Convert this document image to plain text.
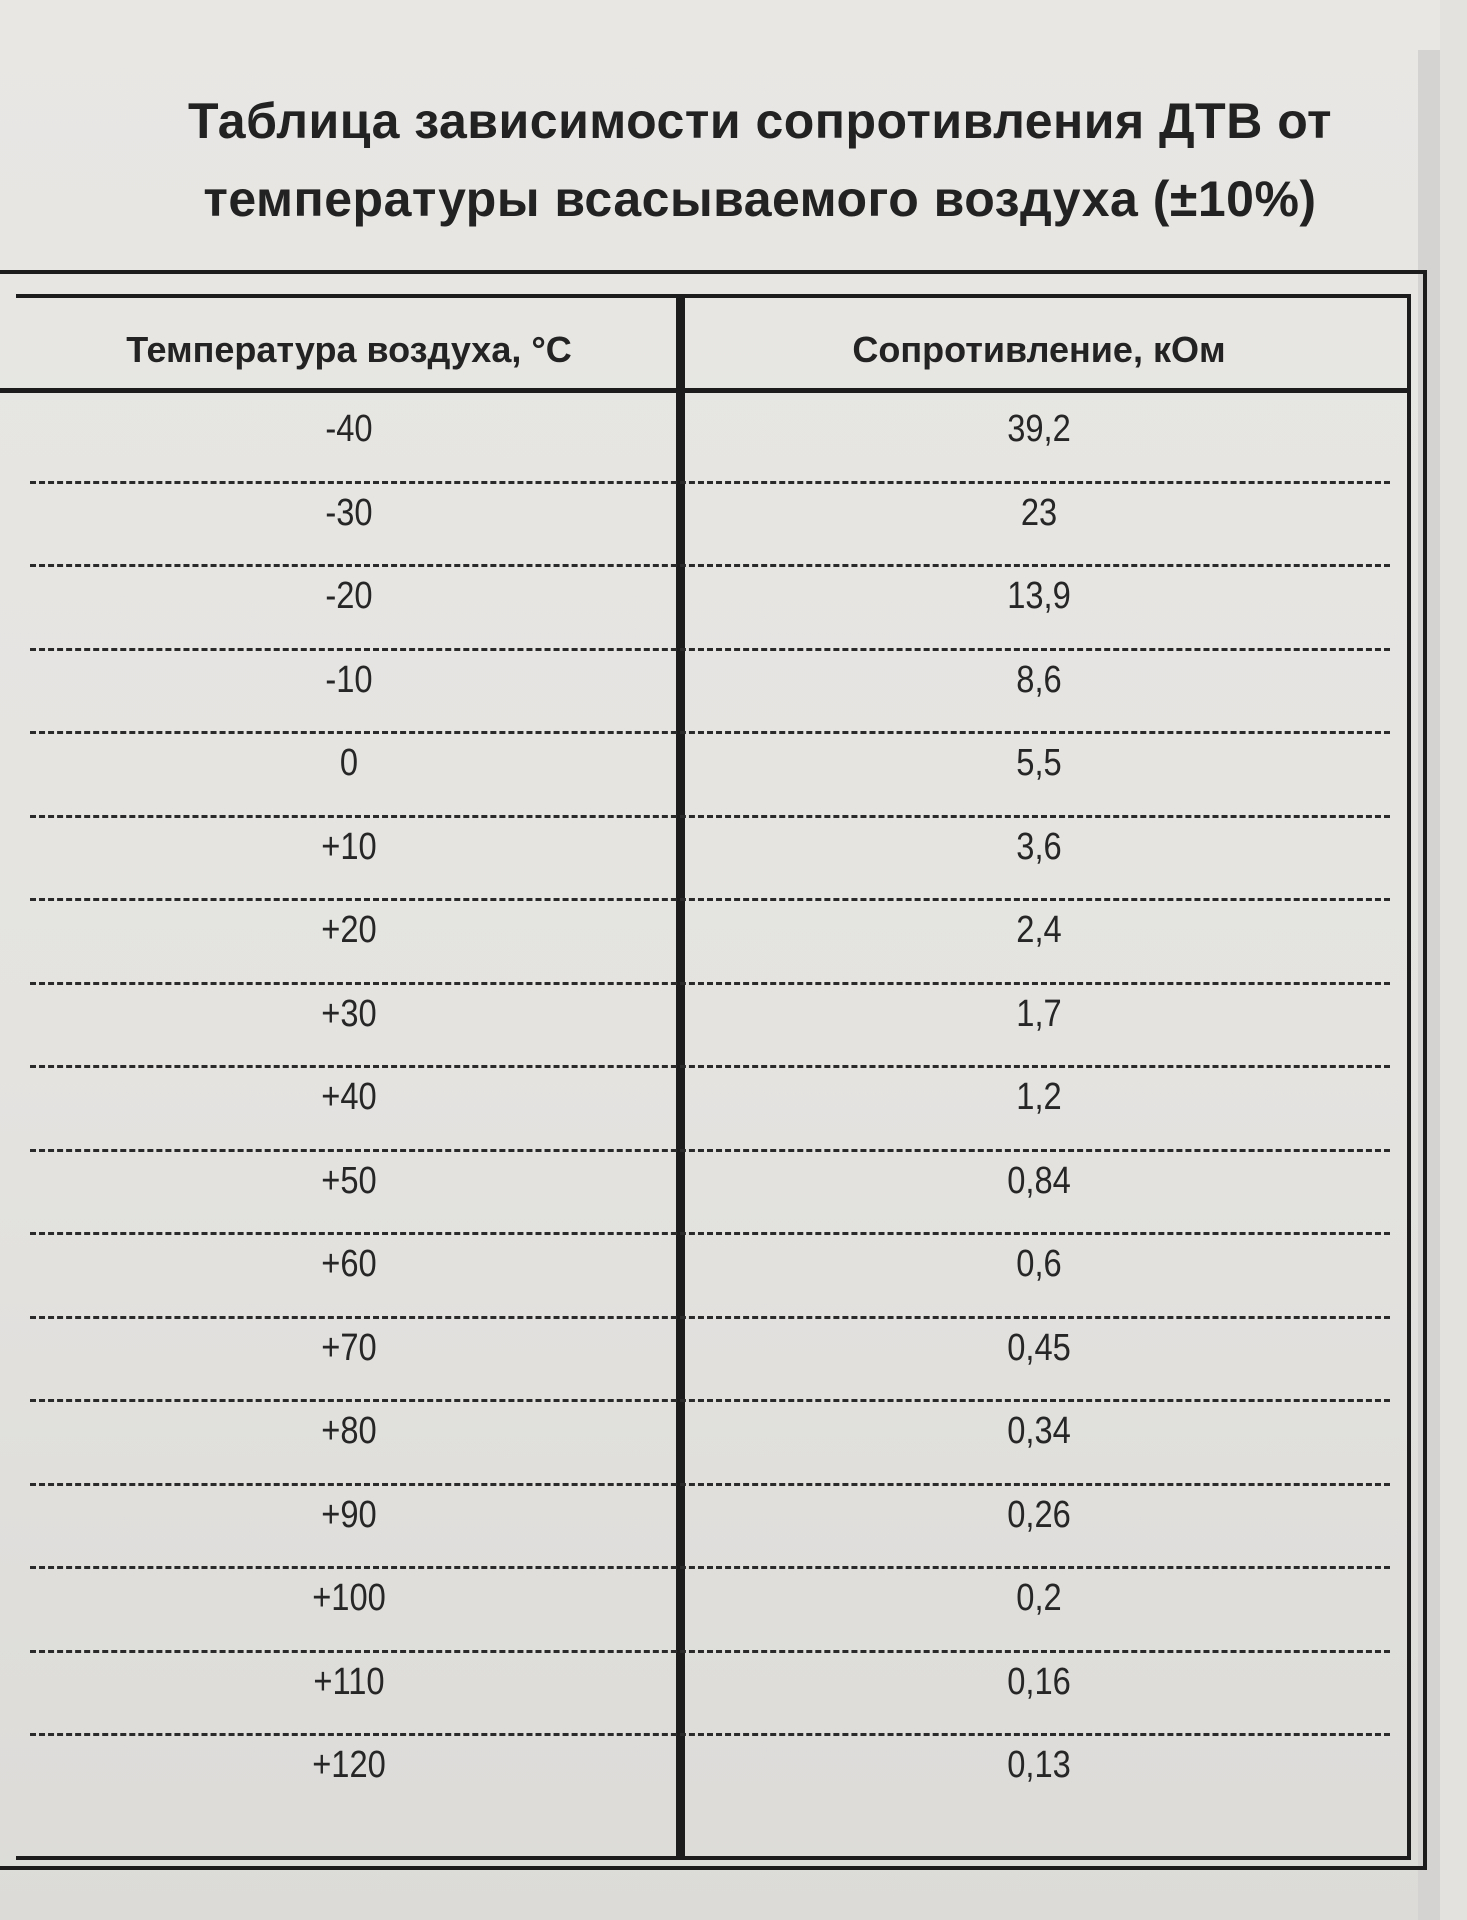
Таблица зависимости сопротивления ДТВ от
температуры всасываемого воздуха (±10%)
Температура воздуха, °C	Сопротивление, кОм
-40	39,2
-30	23
-20	13,9
-10	8,6
0	5,5
+10	3,6
+20	2,4
+30	1,7
+40	1,2
+50	0,84
+60	0,6
+70	0,45
+80	0,34
+90	0,26
+100	0,2
+110	0,16
+120	0,13
